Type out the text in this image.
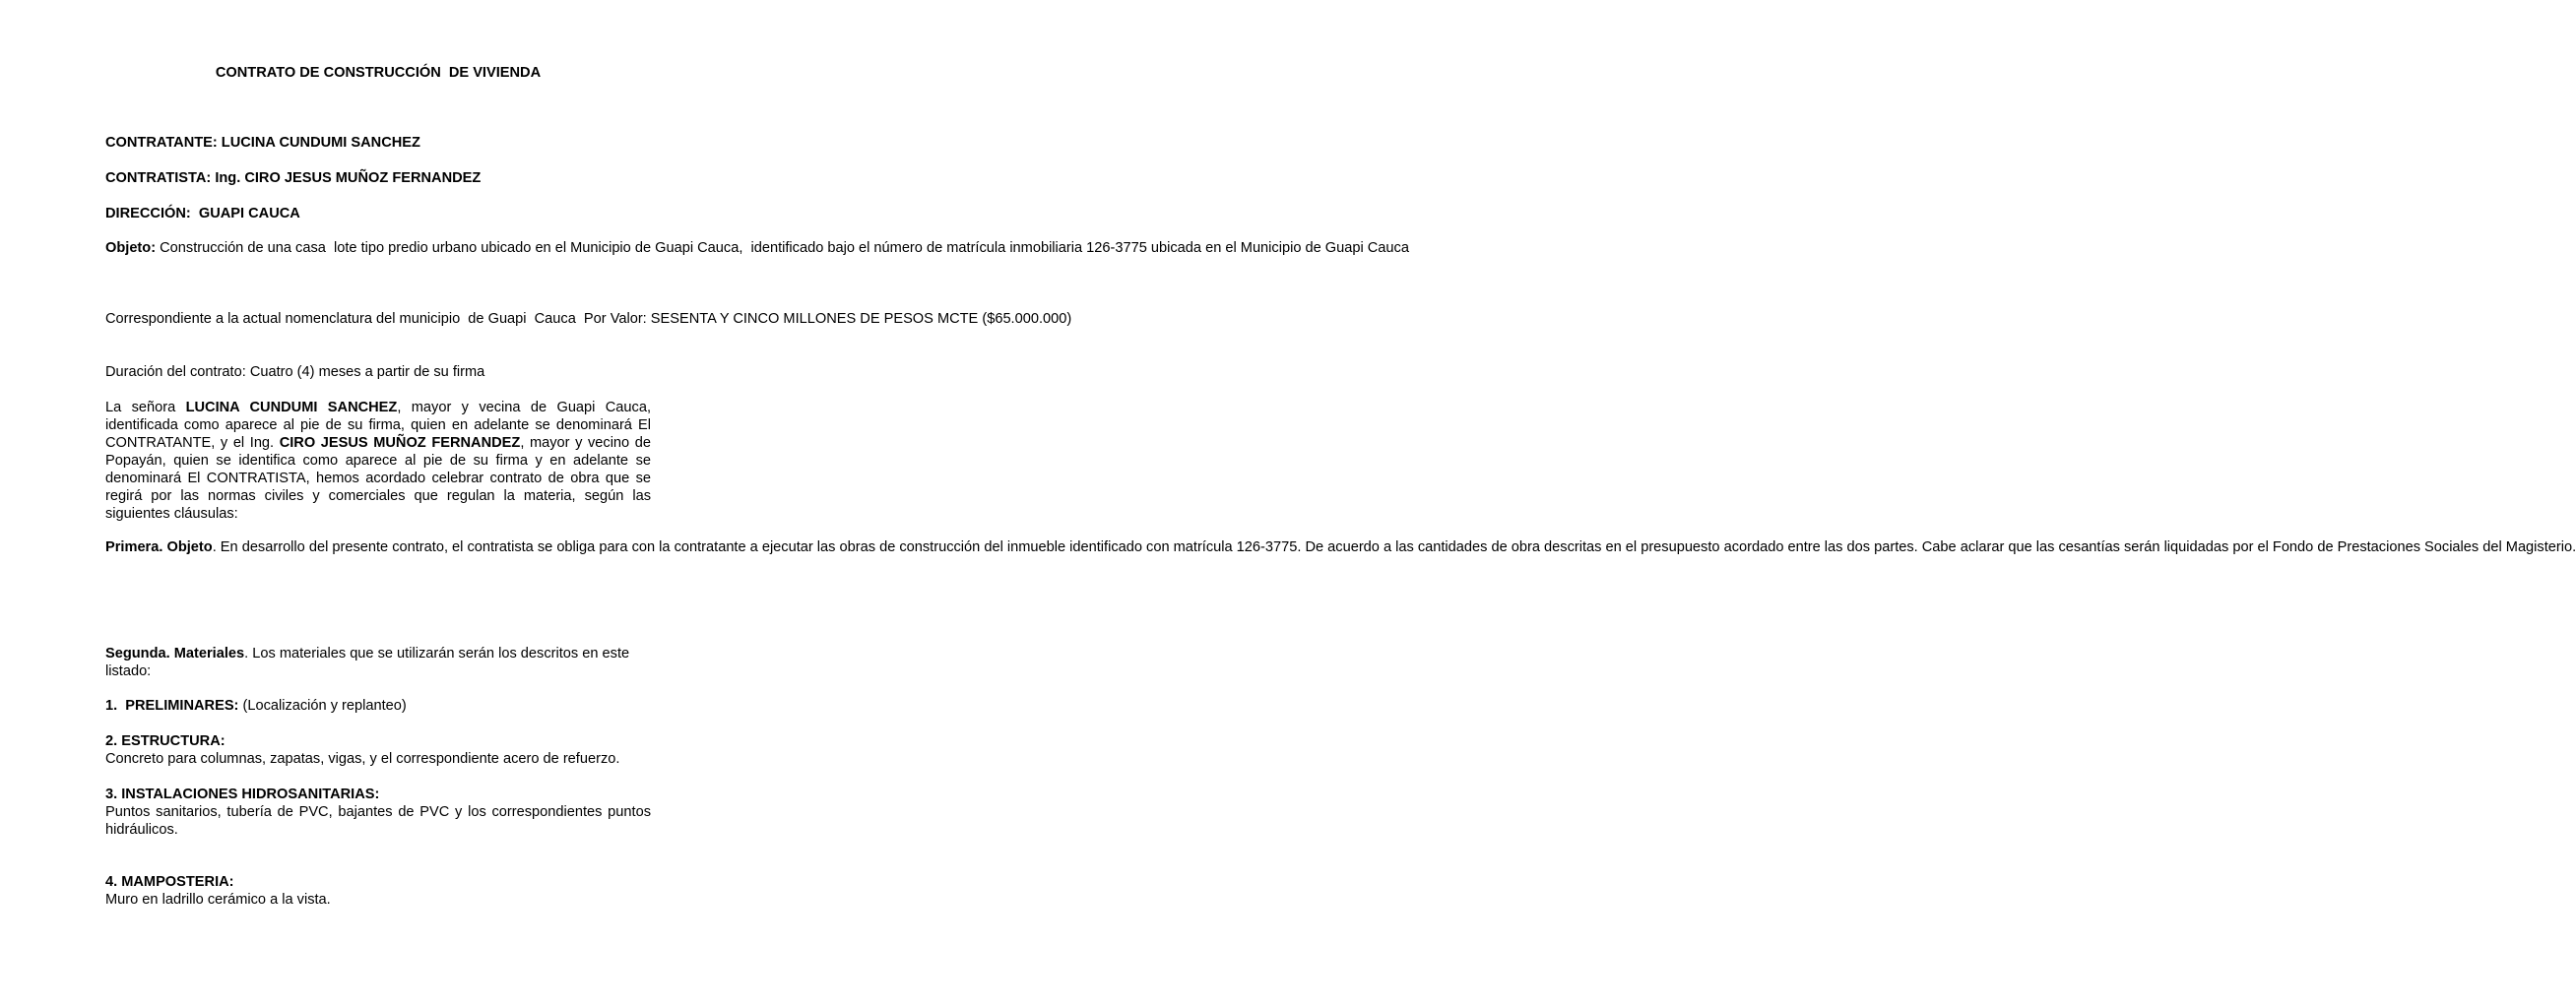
CONTRATO DE CONSTRUCCIÓN  DE VIVIENDA

CONTRATANTE: LUCINA CUNDUMI SANCHEZ

CONTRATISTA: Ing. CIRO JESUS MUÑOZ FERNANDEZ

DIRECCIÓN:  GUAPI CAUCA

Objeto: Construcción de una casa  lote tipo predio urbano ubicado en el Municipio de Guapi Cauca,  identificado bajo el número de matrícula inmobiliaria 126-3775 ubicada en el Municipio de Guapi Cauca

Correspondiente a la actual nomenclatura del municipio  de Guapi  Cauca  Por Valor: SESENTA Y CINCO MILLONES DE PESOS MCTE ($65.000.000)

Duración del contrato: Cuatro (4) meses a partir de su firma

La señora LUCINA CUNDUMI SANCHEZ, mayor y vecina de Guapi Cauca, identificada como aparece al pie de su firma, quien en adelante se denominará El CONTRATANTE, y el Ing. CIRO JESUS MUÑOZ FERNANDEZ, mayor y vecino de Popayán, quien se identifica como aparece al pie de su firma y en adelante se denominará El CONTRATISTA, hemos acordado celebrar contrato de obra que se regirá por las normas civiles y comerciales que regulan la materia, según las siguientes cláusulas:

Primera. Objeto. En desarrollo del presente contrato, el contratista se obliga para con la contratante a ejecutar las obras de construcción del inmueble identificado con matrícula 126-3775. De acuerdo a las cantidades de obra descritas en el presupuesto acordado entre las dos partes. Cabe aclarar que las cesantías serán liquidadas por el Fondo de Prestaciones Sociales del Magisterio.

Segunda. Materiales. Los materiales que se utilizarán serán los descritos en este listado:

1.  PRELIMINARES: (Localización y replanteo)

2. ESTRUCTURA:
Concreto para columnas, zapatas, vigas, y el correspondiente acero de refuerzo.

3. INSTALACIONES HIDROSANITARIAS:
Puntos sanitarios, tubería de PVC, bajantes de PVC y los correspondientes puntos hidráulicos.

4. MAMPOSTERIA:
Muro en ladrillo cerámico a la vista.
